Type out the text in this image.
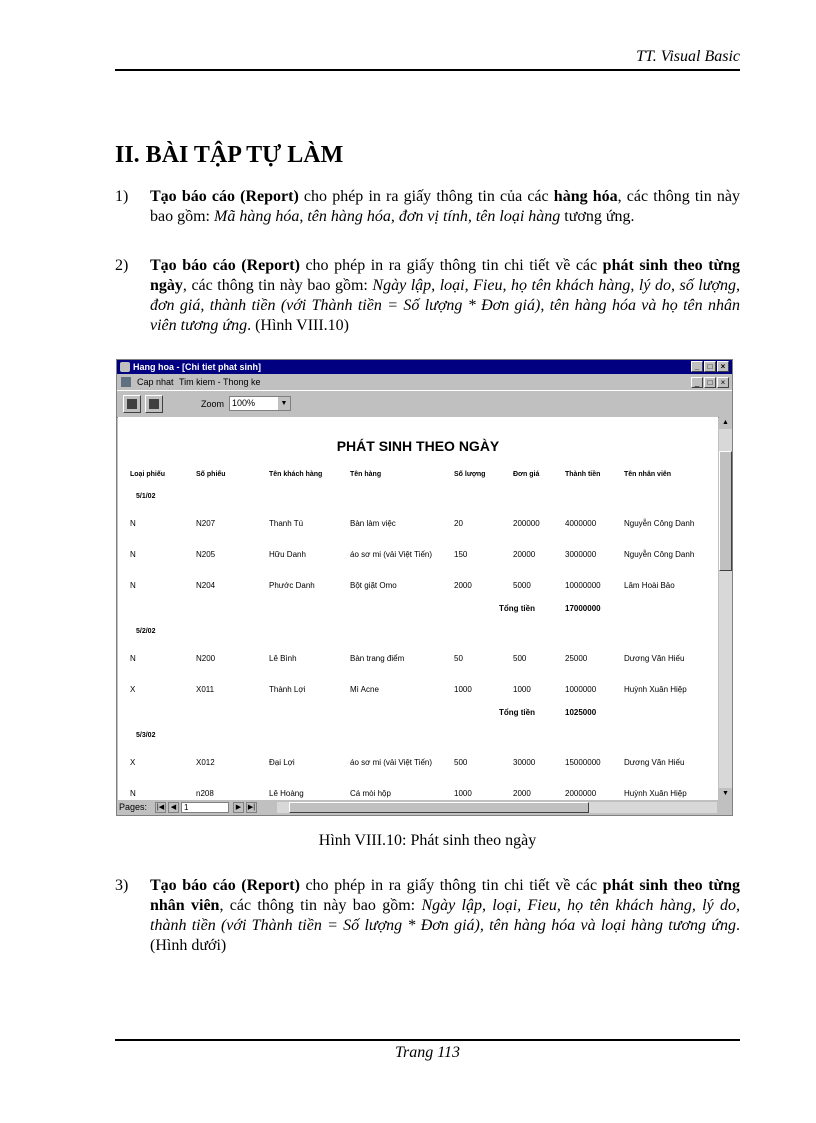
TT. Visual Basic
II. BÀI TẬP TỰ LÀM
1)	Tạo báo cáo (Report) cho phép in ra giấy thông tin của các hàng hóa, các thông tin này bao gồm: Mã hàng hóa, tên hàng hóa, đơn vị tính, tên loại hàng tương ứng.
2)	Tạo báo cáo (Report) cho phép in ra giấy thông tin chi tiết về các phát sinh theo từng ngày, các thông tin này bao gồm: Ngày lập, loại, Fieu, họ tên khách hàng, lý do, số lượng, đơn giá, thành tiền (với Thành tiền = Số lượng * Đơn giá), tên hàng hóa và họ tên nhân viên tương ứng. (Hình VIII.10)
Hang hoa - [Chi tiet phat sinh]	_	□	×
Cap nhat Tim kiem - Thong ke	_	□	×
Zoom 100%	▼
PHÁT SINH THEO NGÀY
Loại phiếu	Số phiếu	Tên khách hàng	Tên hàng	Số lượng	Đơn giá	Thành tiền	Tên nhân viên
5/1/02
N	N207	Thanh Tú	Bàn làm việc	20	200000	4000000	Nguyễn Công Danh
N	N205	Hữu Danh	áo sơ mi (vải Việt Tiến)	150	20000	3000000	Nguyễn Công Danh
N	N204	Phước Danh	Bột giặt Omo	2000	5000	10000000	Lâm Hoài Bảo
Tổng tiền	17000000
5/2/02
N	N200	Lê Bình	Bàn trang điểm	50	500	25000	Dương Văn Hiếu
X	X011	Thành Lợi	Mì Acne	1000	1000	1000000	Huỳnh Xuân Hiệp
Tổng tiền	1025000
5/3/02
X	X012	Đại Lợi	áo sơ mi (vải Việt Tiến)	500	30000	15000000	Dương Văn Hiếu
N	n208	Lê Hoàng	Cá mòi hộp	1000	2000	2000000	Huỳnh Xuân Hiệp
▲
▼
Pages: |◀ ◀ 1	▶ ▶|
Hình VIII.10: Phát sinh theo ngày
3)	Tạo báo cáo (Report) cho phép in ra giấy thông tin chi tiết về các phát sinh theo từng nhân viên, các thông tin này bao gồm: Ngày lập, loại, Fieu, họ tên khách hàng, lý do, thành tiền (với Thành tiền = Số lượng * Đơn giá), tên hàng hóa và loại hàng tương ứng. (Hình dưới)
Trang 113
